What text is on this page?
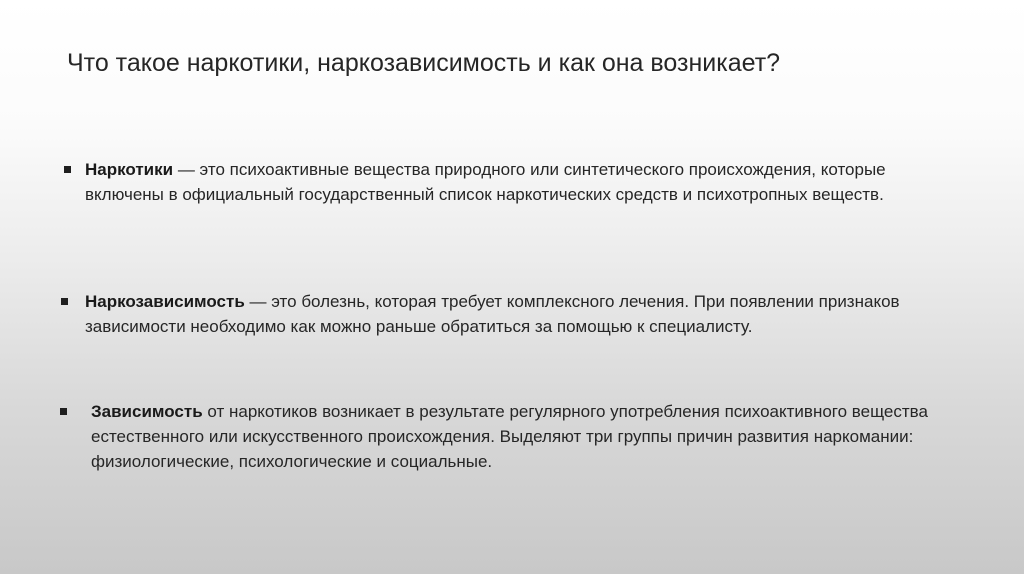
Что такое наркотики, наркозависимость и как она возникает?
Наркотики — это психоактивные вещества природного или синтетического происхождения, которые включены в официальный государственный список наркотических средств и психотропных веществ.
Наркозависимость — это болезнь, которая требует комплексного лечения. При появлении признаков зависимости необходимо как можно раньше обратиться за помощью к специалисту.
Зависимость от наркотиков возникает в результате регулярного употребления психоактивного вещества естественного или искусственного происхождения. Выделяют три группы причин развития наркомании: физиологические, психологические и социальные.
